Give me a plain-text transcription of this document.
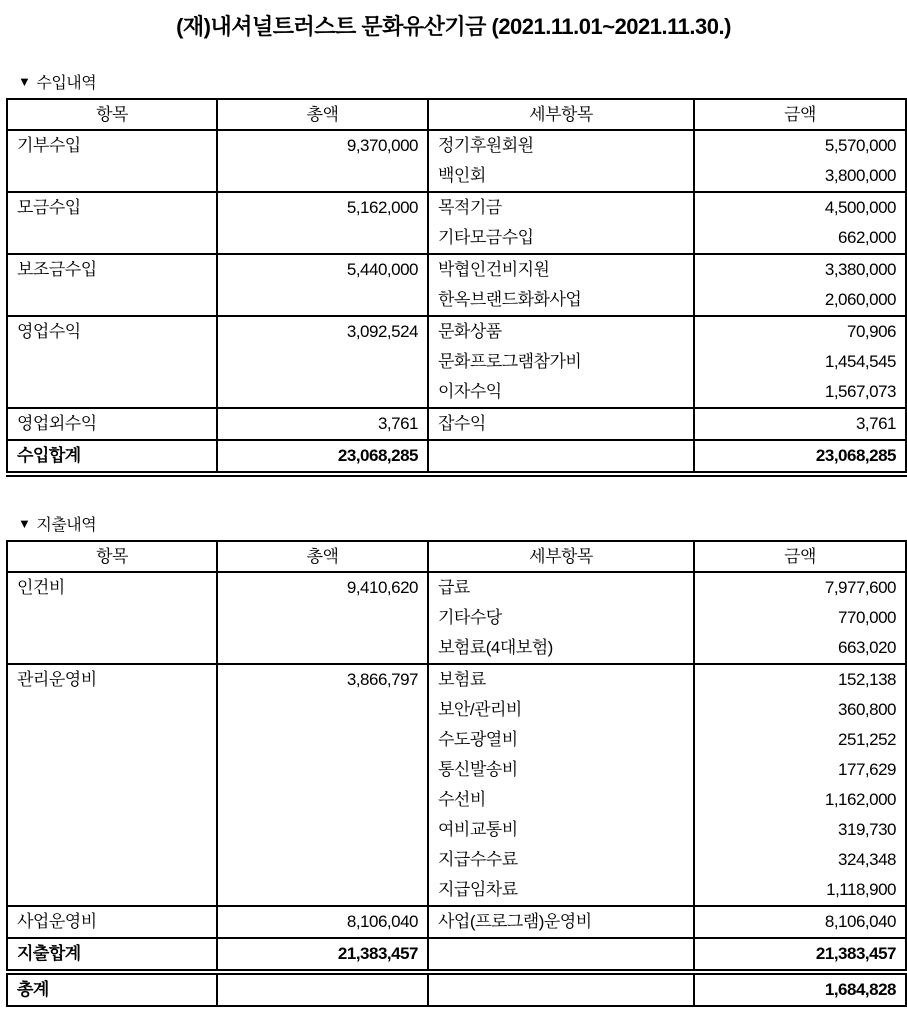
(재)내셔널트러스트 문화유산기금 (2021.11.01~2021.11.30.)
▼ 수입내역
항목	총액	세부항목	금액
기부수입	9,370,000	정기후원회원	5,570,000
		백인회	3,800,000
모금수입	5,162,000	목적기금	4,500,000
		기타모금수입	662,000
보조금수입	5,440,000	박협인건비지원	3,380,000
		한옥브랜드화화사업	2,060,000
영업수익	3,092,524	문화상품	70,906
		문화프로그램참가비	1,454,545
		이자수익	1,567,073
영업외수익	3,761	잡수익	3,761
수입합계	23,068,285		23,068,285
▼ 지출내역
항목	총액	세부항목	금액
인건비	9,410,620	급료	7,977,600
		기타수당	770,000
		보험료(4대보험)	663,020
관리운영비	3,866,797	보험료	152,138
		보안/관리비	360,800
		수도광열비	251,252
		통신발송비	177,629
		수선비	1,162,000
		여비교통비	319,730
		지급수수료	324,348
		지급임차료	1,118,900
사업운영비	8,106,040	사업(프로그램)운영비	8,106,040
지출합계	21,383,457		21,383,457
총계			1,684,828
